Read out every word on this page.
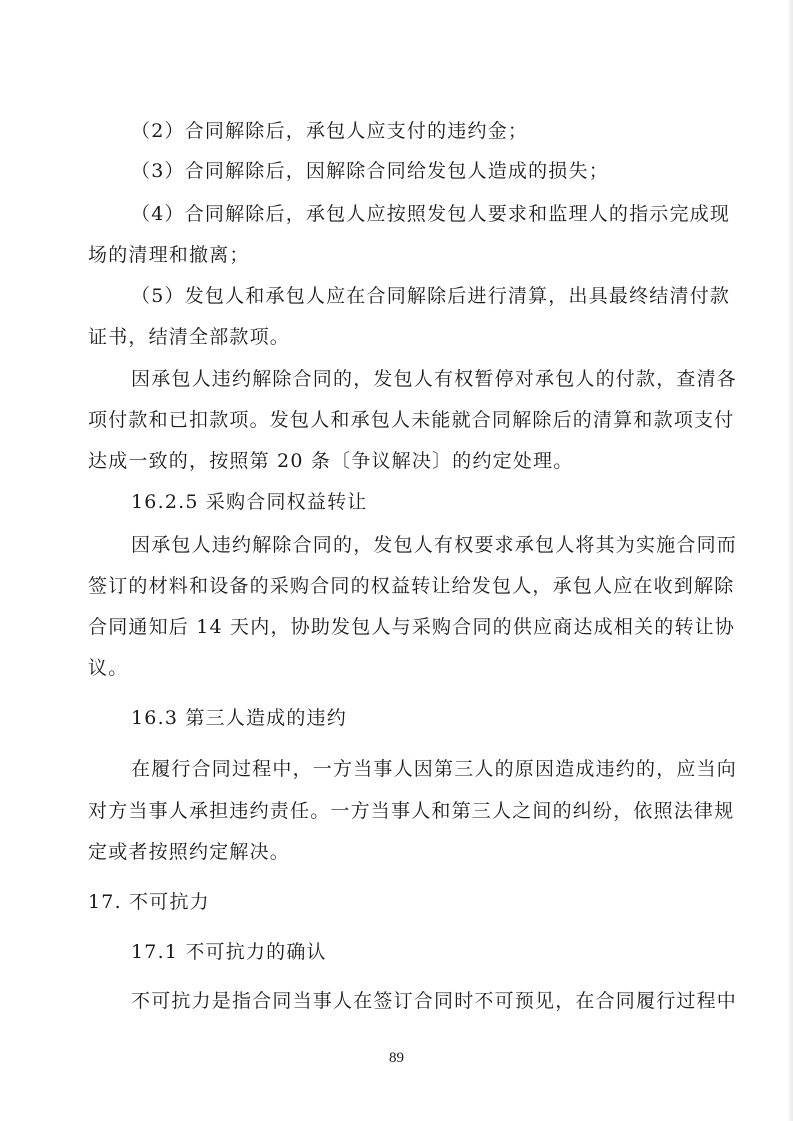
（2）合同解除后，承包人应支付的违约金；
（3）合同解除后，因解除合同给发包人造成的损失；
（4）合同解除后，承包人应按照发包人要求和监理人的指示完成现
场的清理和撤离；
（5）发包人和承包人应在合同解除后进行清算，出具最终结清付款
证书，结清全部款项。
因承包人违约解除合同的，发包人有权暂停对承包人的付款，查清各
项付款和已扣款项。发包人和承包人未能就合同解除后的清算和款项支付
达成一致的，按照第 20 条〔争议解决〕的约定处理。
16.2.5 采购合同权益转让
因承包人违约解除合同的，发包人有权要求承包人将其为实施合同而
签订的材料和设备的采购合同的权益转让给发包人，承包人应在收到解除
合同通知后 14 天内，协助发包人与采购合同的供应商达成相关的转让协
议。
16.3 第三人造成的违约
在履行合同过程中，一方当事人因第三人的原因造成违约的，应当向
对方当事人承担违约责任。一方当事人和第三人之间的纠纷，依照法律规
定或者按照约定解决。
17. 不可抗力
17.1 不可抗力的确认
不可抗力是指合同当事人在签订合同时不可预见，在合同履行过程中
89
